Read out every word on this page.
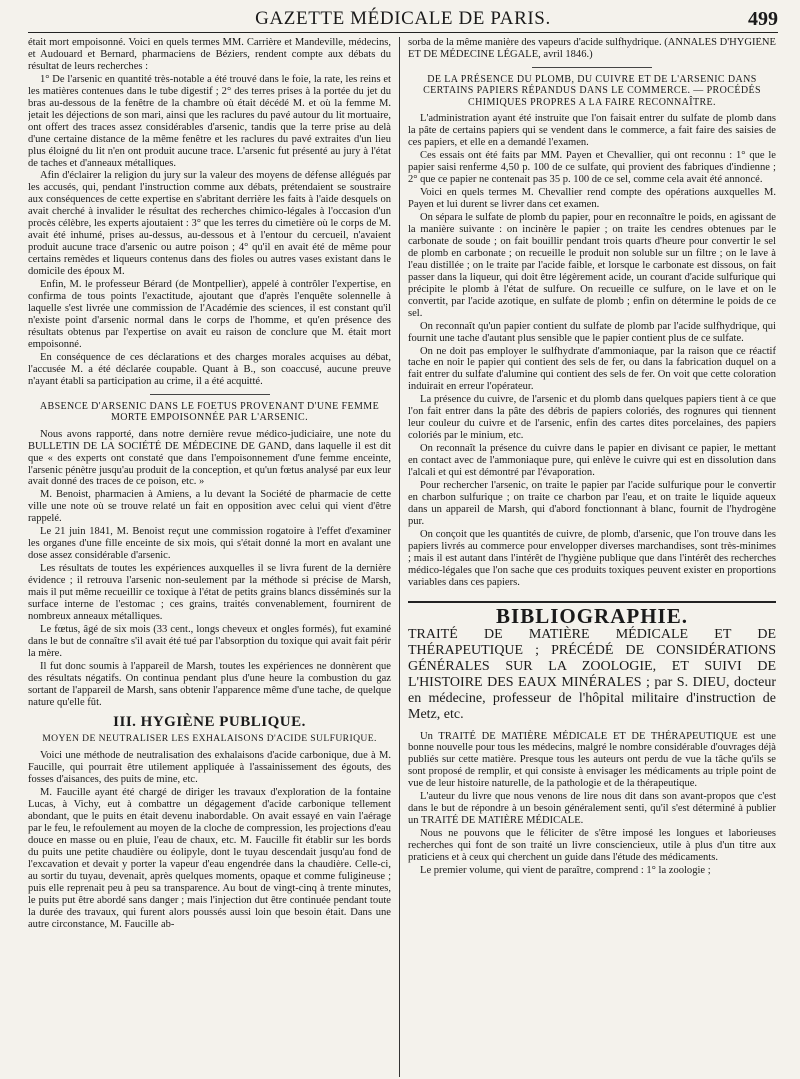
GAZETTE MÉDICALE DE PARIS.	499

était mort empoisonné. Voici en quels termes MM. Carrière et Mandeville, médecins, et Audouard et Bernard, pharmaciens de Béziers, rendent compte aux débats du résultat de leurs recherches :

1° De l'arsenic en quantité très-notable a été trouvé dans le foie, la rate, les reins et les matières contenues dans le tube digestif ; 2° des terres prises à la portée du jet du bras au-dessous de la fenêtre de la chambre où était décédé M. et où la femme M. jetait les déjections de son mari, ainsi que les raclures du pavé autour du lit mortuaire, ont offert des traces assez considérables d'arsenic, tandis que la terre prise au delà d'une certaine distance de la même fenêtre et les raclures du pavé extraites d'un lieu plus éloigné du lit n'en ont produit aucune trace. L'arsenic fut présenté au jury à l'état de taches et d'anneaux métalliques.

Afin d'éclairer la religion du jury sur la valeur des moyens de défense allégués par les accusés, qui, pendant l'instruction comme aux débats, prétendaient se soustraire aux conséquences de cette expertise en s'abritant derrière les faits à l'aide desquels on avait cherché à invalider le résultat des recherches chimico-légales à l'occasion d'un procès célèbre, les experts ajoutaient : 3° que les terres du cimetière où le corps de M. avait été inhumé, prises au-dessus, au-dessous et à l'entour du cercueil, n'avaient produit aucune trace d'arsenic ou autre poison ; 4° qu'il en avait été de même pour certains remèdes et liqueurs contenus dans des fioles ou autres vases existant dans le domicile des époux M.

Enfin, M. le professeur Bérard (de Montpellier), appelé à contrôler l'expertise, en confirma de tous points l'exactitude, ajoutant que d'après l'enquête solennelle à laquelle s'est livrée une commission de l'Académie des sciences, il est constant qu'il n'existe point d'arsenic normal dans le corps de l'homme, et qu'en présence des résultats obtenus par l'expertise on avait eu raison de conclure que M. était mort empoisonné.

En conséquence de ces déclarations et des charges morales acquises au débat, l'accusée M. a été déclarée coupable. Quant à B., son coaccusé, aucune preuve n'ayant établi sa participation au crime, il a été acquitté.

ABSENCE D'ARSENIC DANS LE FOETUS PROVENANT D'UNE FEMME MORTE EMPOISONNÉE PAR L'ARSENIC.

Nous avons rapporté, dans notre dernière revue médico-judiciaire, une note du BULLETIN DE LA SOCIÉTÉ DE MÉDECINE DE GAND, dans laquelle il est dit que « des experts ont constaté que dans l'empoisonnement d'une femme enceinte, l'arsenic pénètre jusqu'au produit de la conception, et qu'un fœtus analysé par eux leur avait donné des traces de ce poison, etc. »

M. Benoist, pharmacien à Amiens, a lu devant la Société de pharmacie de cette ville une note où se trouve relaté un fait en opposition avec celui qui vient d'être rappelé.

Le 21 juin 1841, M. Benoist reçut une commission rogatoire à l'effet d'examiner les organes d'une fille enceinte de six mois, qui s'était donné la mort en avalant une dose assez considérable d'arsenic.

Les résultats de toutes les expériences auxquelles il se livra furent de la dernière évidence ; il retrouva l'arsenic non-seulement par la méthode si précise de Marsh, mais il put même recueillir ce toxique à l'état de petits grains blancs disséminés sur la surface interne de l'estomac ; ces grains, traités convenablement, fournirent de nombreux anneaux métalliques.

Le fœtus, âgé de six mois (33 cent., longs cheveux et ongles formés), fut examiné dans le but de connaître s'il avait été tué par l'absorption du toxique qui avait fait périr la mère.

Il fut donc soumis à l'appareil de Marsh, toutes les expériences ne donnèrent que des résultats négatifs. On continua pendant plus d'une heure la combustion du gaz sortant de l'appareil de Marsh, sans obtenir l'apparence même d'une tache, de quelque nature qu'elle fût.

III. HYGIÈNE PUBLIQUE.
MOYEN DE NEUTRALISER LES EXHALAISONS D'ACIDE SULFURIQUE.

Voici une méthode de neutralisation des exhalaisons d'acide carbonique, due à M. Faucille, qui pourrait être utilement appliquée à l'assainissement des égouts, des fosses d'aisances, des puits de mine, etc.

M. Faucille ayant été chargé de diriger les travaux d'exploration de la fontaine Lucas, à Vichy, eut à combattre un dégagement d'acide carbonique tellement abondant, que le puits en était devenu inabordable. On avait essayé en vain l'aérage par le feu, le refoulement au moyen de la cloche de compression, les projections d'eau douce en masse ou en pluie, l'eau de chaux, etc. M. Faucille fit établir sur les bords du puits une petite chaudière ou éolipyle, dont le tuyau descendait jusqu'au fond de l'excavation et devait y porter la vapeur d'eau engendrée dans la chaudière. Celle-ci, au sortir du tuyau, devenait, après quelques moments, opaque et comme fuligineuse ; puis elle reprenait peu à peu sa transparence. Au bout de vingt-cinq à trente minutes, le puits put être abordé sans danger ; mais l'injection dut être continuée pendant toute la durée des travaux, qui furent alors poussés aussi loin que besoin était. Dans une autre circonstance, M. Faucille ab-

sorba de la même manière des vapeurs d'acide sulfhydrique. (ANNALES D'HYGIÈNE ET DE MÉDECINE LÉGALE, avril 1846.)

DE LA PRÉSENCE DU PLOMB, DU CUIVRE ET DE L'ARSENIC DANS CERTAINS PAPIERS RÉPANDUS DANS LE COMMERCE. — PROCÉDÉS CHIMIQUES PROPRES A LA FAIRE RECONNAÎTRE.

L'administration ayant été instruite que l'on faisait entrer du sulfate de plomb dans la pâte de certains papiers qui se vendent dans le commerce, a fait faire des saisies de ces papiers, et elle en a demandé l'examen.

Ces essais ont été faits par MM. Payen et Chevallier, qui ont reconnu : 1° que le papier saisi renferme 4,50 p. 100 de ce sulfate, qui provient des fabriques d'indienne ; 2° que ce papier ne contenait pas 35 p. 100 de ce sel, comme cela avait été annoncé.

Voici en quels termes M. Chevallier rend compte des opérations auxquelles M. Payen et lui durent se livrer dans cet examen.

On sépara le sulfate de plomb du papier, pour en reconnaître le poids, en agissant de la manière suivante : on incinère le papier ; on traite les cendres obtenues par le carbonate de soude ; on fait bouillir pendant trois quarts d'heure pour convertir le sel de plomb en carbonate ; on recueille le produit non soluble sur un filtre ; on le lave à l'eau distillée ; on le traite par l'acide faible, et lorsque le carbonate est dissous, on fait passer dans la liqueur, qui doit être légèrement acide, un courant d'acide sulfurique qui précipite le plomb à l'état de sulfure. On recueille ce sulfure, on le lave et on le convertit, par l'acide azotique, en sulfate de plomb ; enfin on détermine le poids de ce sel.

On reconnaît qu'un papier contient du sulfate de plomb par l'acide sulfhydrique, qui fournit une tache d'autant plus sensible que le papier contient plus de ce sulfate.

On ne doit pas employer le sulfhydrate d'ammoniaque, par la raison que ce réactif tache en noir le papier qui contient des sels de fer, ou dans la fabrication duquel on a fait entrer du sulfate d'alumine qui contient des sels de fer. On voit que cette coloration induirait en erreur l'opérateur.

La présence du cuivre, de l'arsenic et du plomb dans quelques papiers tient à ce que l'on fait entrer dans la pâte des débris de papiers coloriés, des rognures qui tiennent leur couleur du cuivre et de l'arsenic, enfin des cartes dites porcelaines, des papiers coloriés par le minium, etc.

On reconnaît la présence du cuivre dans le papier en divisant ce papier, le mettant en contact avec de l'ammoniaque pure, qui enlève le cuivre qui est en dissolution dans l'alcali et qui est démontré par l'évaporation.

Pour rechercher l'arsenic, on traite le papier par l'acide sulfurique pour le convertir en charbon sulfurique ; on traite ce charbon par l'eau, et on traite le liquide aqueux dans un appareil de Marsh, qui d'abord fonctionnant à blanc, fournit de l'hydrogène pur.

On conçoit que les quantités de cuivre, de plomb, d'arsenic, que l'on trouve dans les papiers livrés au commerce pour envelopper diverses marchandises, sont très-minimes ; mais il est autant dans l'intérêt de l'hygiène publique que dans l'intérêt des recherches médico-légales que l'on sache que ces produits toxiques peuvent exister en proportions variables dans ces papiers.

BIBLIOGRAPHIE.
TRAITÉ DE MATIÈRE MÉDICALE ET DE THÉRAPEUTIQUE ; PRÉCÉDÉ DE CONSIDÉRATIONS GÉNÉRALES SUR LA ZOOLOGIE, ET SUIVI DE L'HISTOIRE DES EAUX MINÉRALES ; par S. DIEU, docteur en médecine, professeur de l'hôpital militaire d'instruction de Metz, etc.

Un TRAITÉ DE MATIÈRE MÉDICALE ET DE THÉRAPEUTIQUE est une bonne nouvelle pour tous les médecins, malgré le nombre considérable d'ouvrages déjà publiés sur cette matière. Presque tous les auteurs ont perdu de vue la tâche qu'ils se sont proposé de remplir, et qui consiste à envisager les médicaments au triple point de vue de leur histoire naturelle, de la pathologie et de la thérapeutique.

L'auteur du livre que nous venons de lire nous dit dans son avant-propos que c'est dans le but de répondre à un besoin généralement senti, qu'il s'est déterminé à publier un TRAITÉ DE MATIÈRE MÉDICALE.

Nous ne pouvons que le féliciter de s'être imposé les longues et laborieuses recherches qui font de son traité un livre consciencieux, utile à plus d'un titre aux praticiens et à ceux qui cherchent un guide dans l'étude des médicaments.

Le premier volume, qui vient de paraître, comprend : 1° la zoologie ;
